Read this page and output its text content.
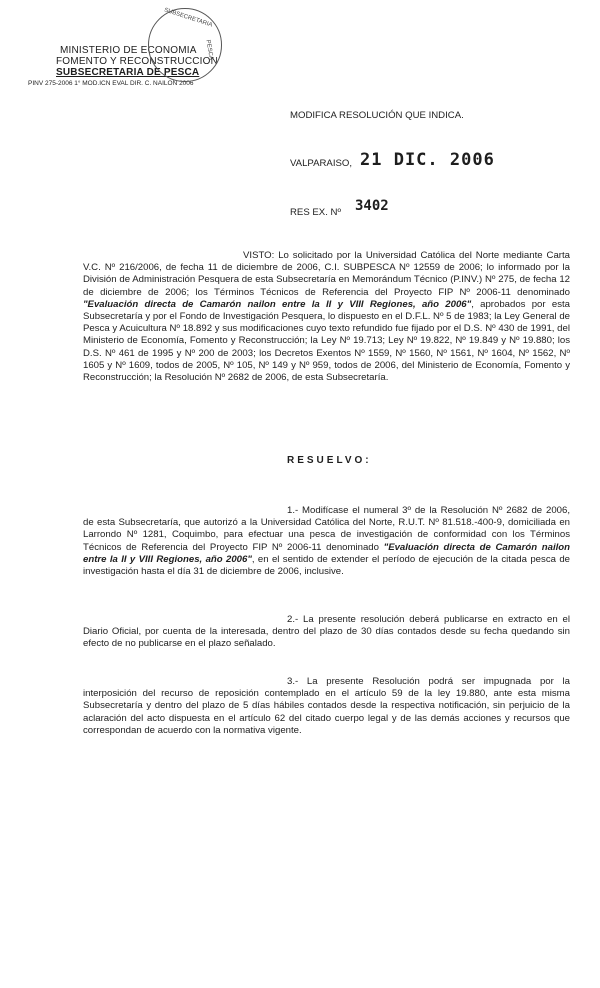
MINISTERIO DE ECONOMIA
FOMENTO Y RECONSTRUCCION
SUBSECRETARIA DE PESCA
PINV 275-2006 1° MOD.ICN EVAL DIR. C. NAILON 2006
SUBSECRETARIA
PESCA
MODIFICA RESOLUCIÓN QUE INDICA.
VALPARAISO, 21 DIC. 2006
RES EX. Nº 3402
VISTO: Lo solicitado por la Universidad Católica del Norte mediante Carta V.C. Nº 216/2006, de fecha 11 de diciembre de 2006, C.I. SUBPESCA Nº 12559 de 2006; lo informado por la División de Administración Pesquera de esta Subsecretaría en Memorándum Técnico (P.INV.) Nº 275, de fecha 12 de diciembre de 2006; los Términos Técnicos de Referencia del Proyecto FIP Nº 2006-11 denominado "Evaluación directa de Camarón nailon entre la II y VIII Regiones, año 2006", aprobados por esta Subsecretaría y por el Fondo de Investigación Pesquera, lo dispuesto en el D.F.L. Nº 5 de 1983; la Ley General de Pesca y Acuicultura Nº 18.892 y sus modificaciones cuyo texto refundido fue fijado por el D.S. Nº 430 de 1991, del Ministerio de Economía, Fomento y Reconstrucción; la Ley Nº 19.713; Ley Nº 19.822, Nº 19.849 y Nº 19.880; los D.S. Nº 461 de 1995 y Nº 200 de 2003; los Decretos Exentos Nº 1559, Nº 1560, Nº 1561, Nº 1604, Nº 1562, Nº 1605 y Nº 1609, todos de 2005, Nº 105, Nº 149 y Nº 959, todos de 2006, del Ministerio de Economía, Fomento y Reconstrucción; la Resolución Nº 2682 de 2006, de esta Subsecretaría.
RESUELVO:
1.- Modifícase el numeral 3º de la Resolución Nº 2682 de 2006, de esta Subsecretaría, que autorizó a la Universidad Católica del Norte, R.U.T. Nº 81.518.-400-9, domiciliada en Larrondo Nº 1281, Coquimbo, para efectuar una pesca de investigación de conformidad con los Términos Técnicos de Referencia del Proyecto FIP Nº 2006-11 denominado "Evaluación directa de Camarón nailon entre la II y VIII Regiones, año 2006", en el sentido de extender el período de ejecución de la citada pesca de investigación hasta el día 31 de diciembre de 2006, inclusive.
2.- La presente resolución deberá publicarse en extracto en el Diario Oficial, por cuenta de la interesada, dentro del plazo de 30 días contados desde su fecha quedando sin efecto de no publicarse en el plazo señalado.
3.- La presente Resolución podrá ser impugnada por la interposición del recurso de reposición contemplado en el artículo 59 de la ley 19.880, ante esta misma Subsecretaría y dentro del plazo de 5 días hábiles contados desde la respectiva notificación, sin perjuicio de la aclaración del acto dispuesta en el artículo 62 del citado cuerpo legal y de las demás acciones y recursos que correspondan de acuerdo con la normativa vigente.
